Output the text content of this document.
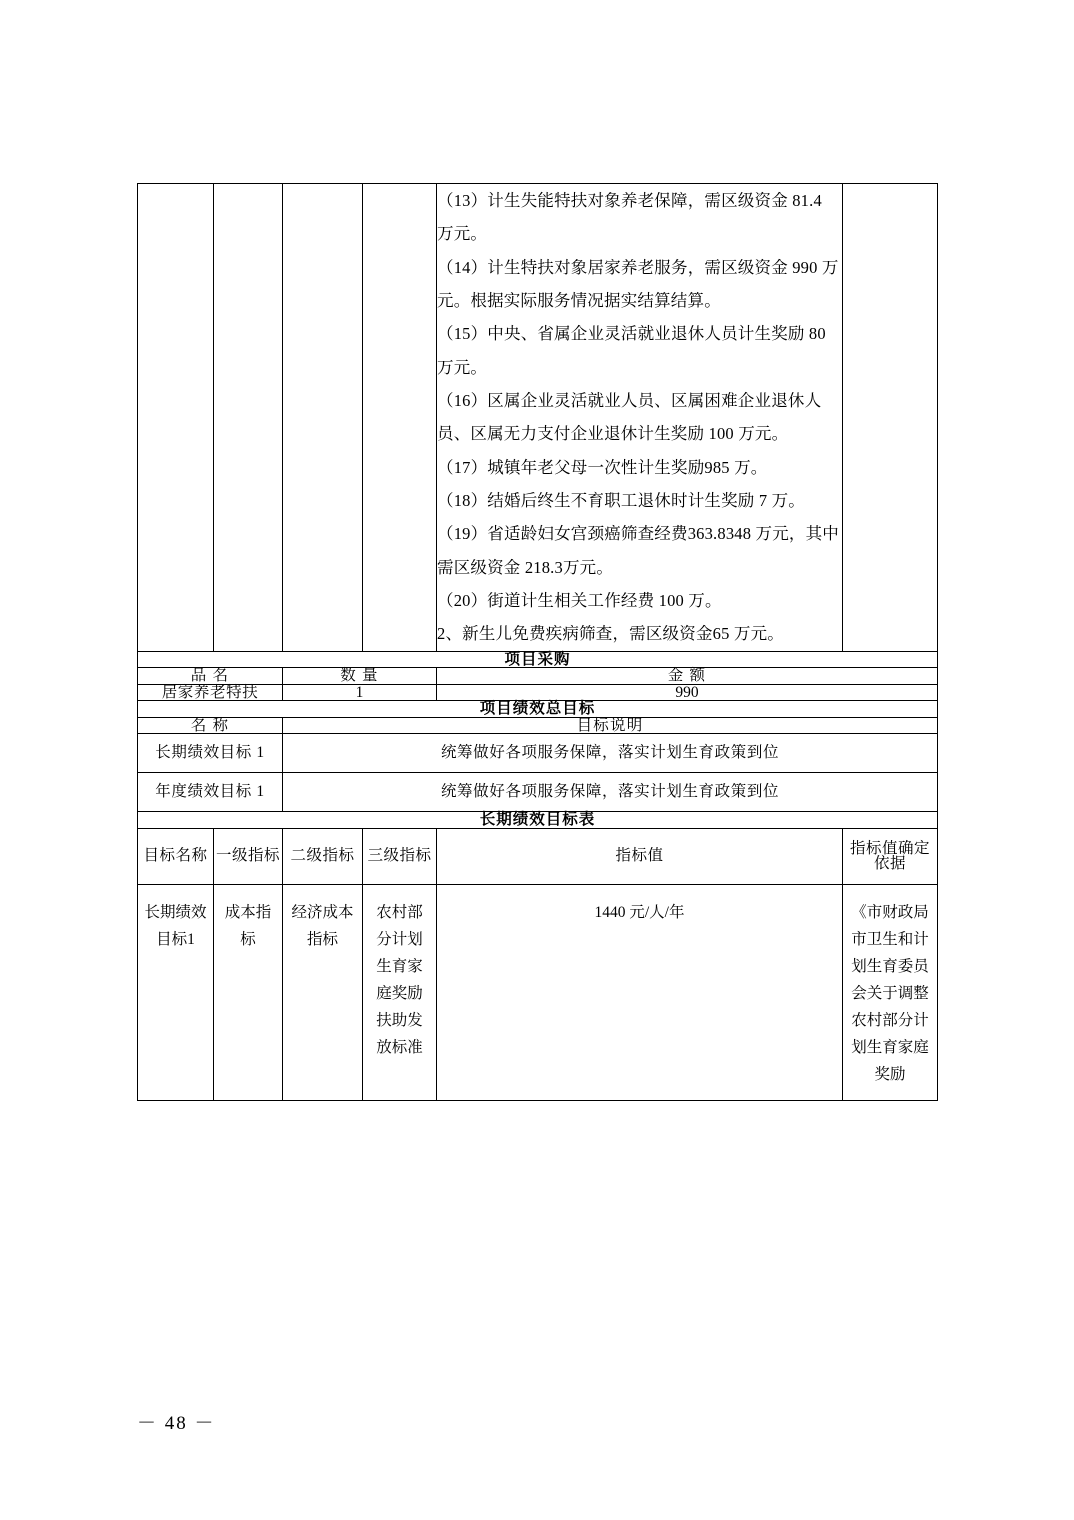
（13）计生失能特扶对象养老保障，需区级资金 81.4 万元。

（14）计生特扶对象居家养老服务，需区级资金 990 万元。根据实际服务情况据实结算结算。

（15）中央、省属企业灵活就业退休人员计生奖励 80 万元。

（16）区属企业灵活就业人员、区属困难企业退休人员、区属无力支付企业退休计生奖励 100 万元。

（17）城镇年老父母一次性计生奖励985 万。

（18）结婚后终生不育职工退休时计生奖励 7 万。

（19）省适龄妇女宫颈癌筛查经费363.8348 万元，其中需区级资金 218.3万元。

（20）街道计生相关工作经费 100 万。

2、新生儿免费疾病筛查，需区级资金65 万元。

项目采购					
品 名		数 量		金 额	
居家养老特扶		1		990	
项目绩效总目标					
名 称		目标说明			
长期绩效目标 1		统筹做好各项服务保障，落实计划生育政策到位			
年度绩效目标 1		统筹做好各项服务保障，落实计划生育政策到位			
长期绩效目标表					
目标名称	一级指标	二级指标	三级指标	指标值	指标值确定依据
长期绩效目标1	成本指标	经济成本指标	农村部分计划生育家庭奖励扶助发放标准	1440 元/人/年	《市财政局 市卫生和计划生育委员会关于调整农村部分计划生育家庭奖励
－ 48 －
